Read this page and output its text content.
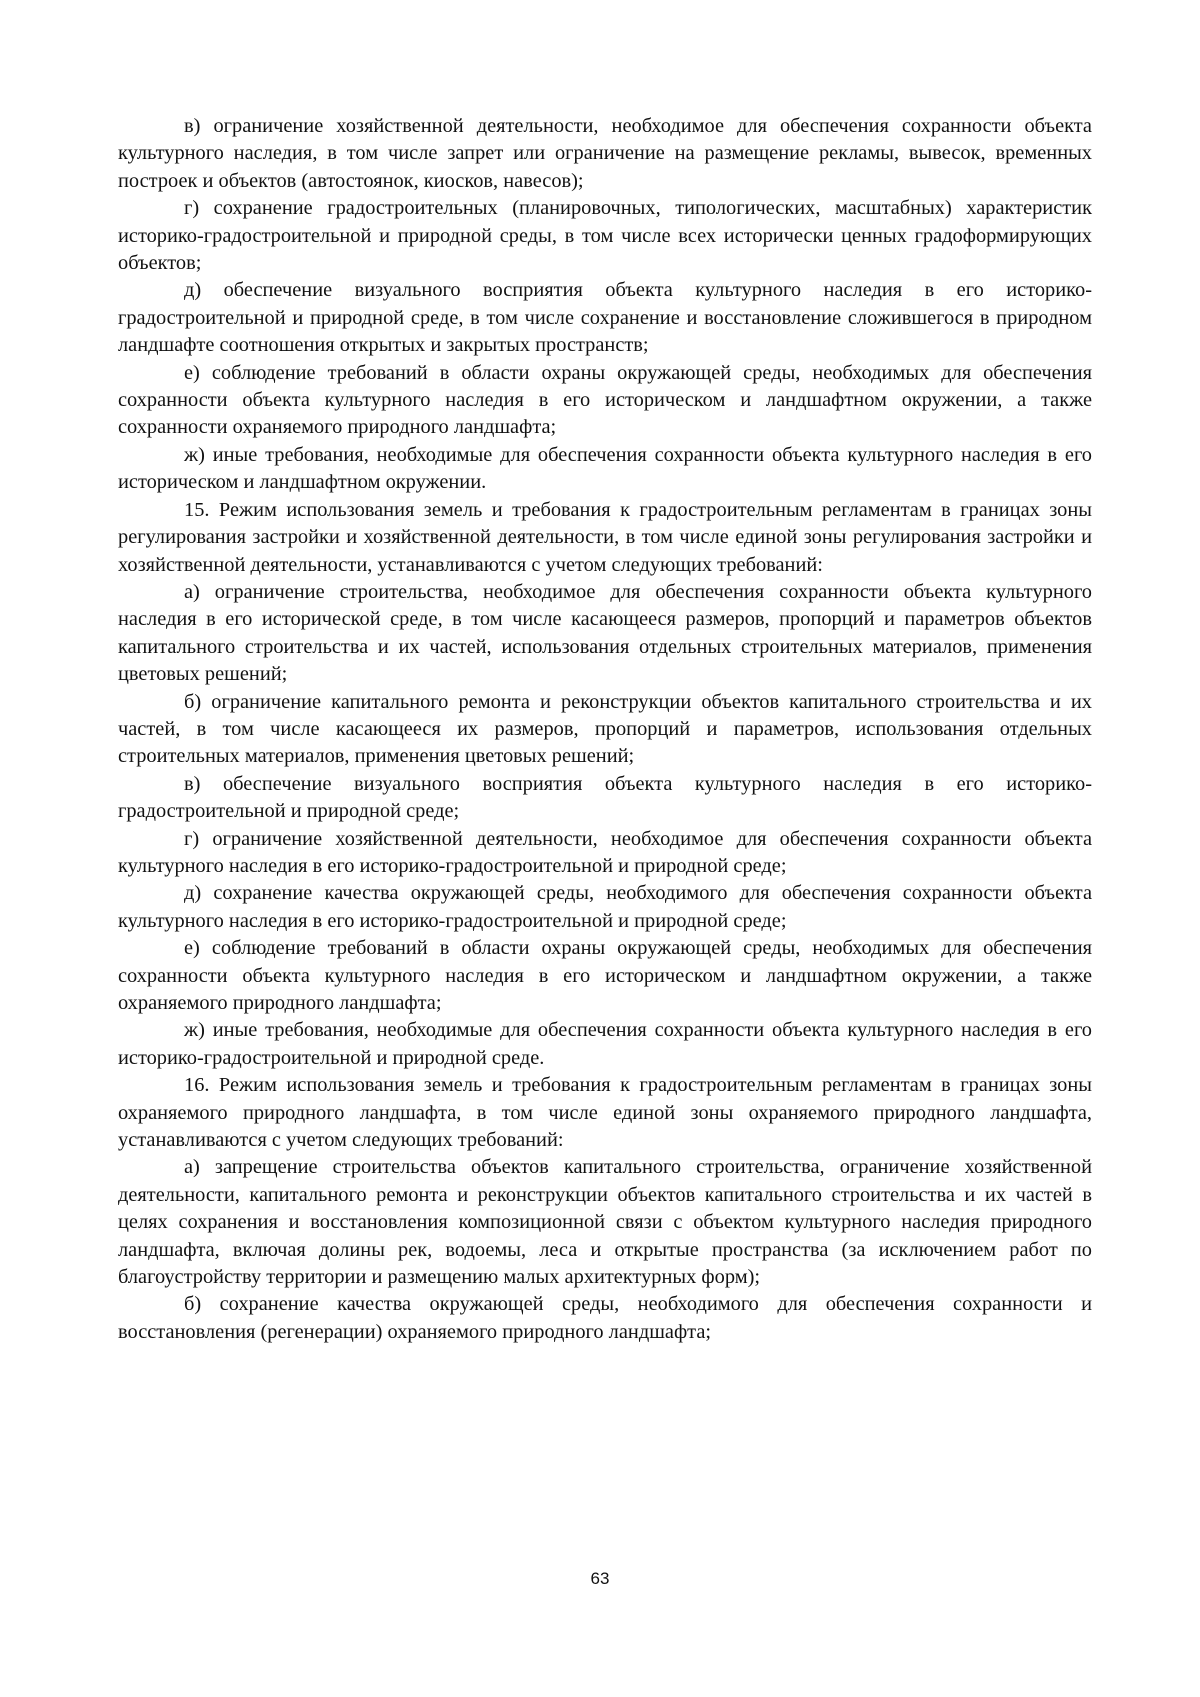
в) ограничение хозяйственной деятельности, необходимое для обеспечения сохранности объекта культурного наследия, в том числе запрет или ограничение на размещение рекламы, вывесок, временных построек и объектов (автостоянок, киосков, навесов);

г) сохранение градостроительных (планировочных, типологических, масштабных) характеристик историко-градостроительной и природной среды, в том числе всех исторически ценных градоформирующих объектов;

д) обеспечение визуального восприятия объекта культурного наследия в его историко-градостроительной и природной среде, в том числе сохранение и восстановление сложившегося в природном ландшафте соотношения открытых и закрытых пространств;

е) соблюдение требований в области охраны окружающей среды, необходимых для обеспечения сохранности объекта культурного наследия в его историческом и ландшафтном окружении, а также сохранности охраняемого природного ландшафта;

ж) иные требования, необходимые для обеспечения сохранности объекта культурного наследия в его историческом и ландшафтном окружении.

15. Режим использования земель и требования к градостроительным регламентам в границах зоны регулирования застройки и хозяйственной деятельности, в том числе единой зоны регулирования застройки и хозяйственной деятельности, устанавливаются с учетом следующих требований:

а) ограничение строительства, необходимое для обеспечения сохранности объекта культурного наследия в его исторической среде, в том числе касающееся размеров, пропорций и параметров объектов капитального строительства и их частей, использования отдельных строительных материалов, применения цветовых решений;

б) ограничение капитального ремонта и реконструкции объектов капитального строительства и их частей, в том числе касающееся их размеров, пропорций и параметров, использования отдельных строительных материалов, применения цветовых решений;

в) обеспечение визуального восприятия объекта культурного наследия в его историко-градостроительной и природной среде;

г) ограничение хозяйственной деятельности, необходимое для обеспечения сохранности объекта культурного наследия в его историко-градостроительной и природной среде;

д) сохранение качества окружающей среды, необходимого для обеспечения сохранности объекта культурного наследия в его историко-градостроительной и природной среде;

е) соблюдение требований в области охраны окружающей среды, необходимых для обеспечения сохранности объекта культурного наследия в его историческом и ландшафтном окружении, а также охраняемого природного ландшафта;

ж) иные требования, необходимые для обеспечения сохранности объекта культурного наследия в его историко-градостроительной и природной среде.

16. Режим использования земель и требования к градостроительным регламентам в границах зоны охраняемого природного ландшафта, в том числе единой зоны охраняемого природного ландшафта, устанавливаются с учетом следующих требований:

а) запрещение строительства объектов капитального строительства, ограничение хозяйственной деятельности, капитального ремонта и реконструкции объектов капитального строительства и их частей в целях сохранения и восстановления композиционной связи с объектом культурного наследия природного ландшафта, включая долины рек, водоемы, леса и открытые пространства (за исключением работ по благоустройству территории и размещению малых архитектурных форм);

б) сохранение качества окружающей среды, необходимого для обеспечения сохранности и восстановления (регенерации) охраняемого природного ландшафта;

63
